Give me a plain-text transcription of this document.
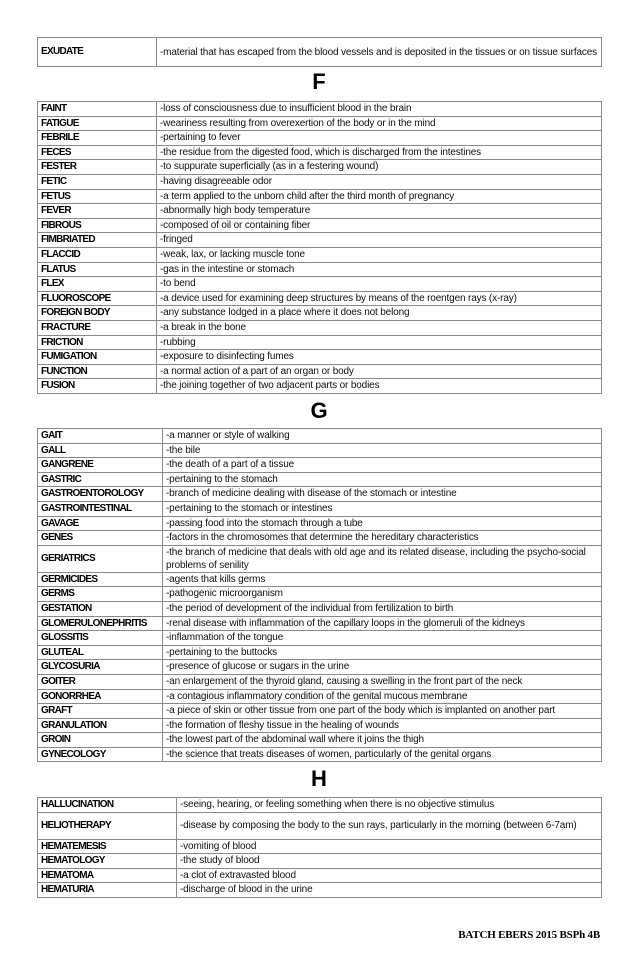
EXUDATE	-material that has escaped from the blood vessels and is deposited in the tissues or on tissue surfaces
F
FAINT	-loss of consciousness due to insufficient blood in the brain
FATIGUE	-weariness resulting from overexertion of the body or in the mind
FEBRILE	-pertaining to fever
FECES	-the residue from the digested food, which is discharged from the intestines
FESTER	-to suppurate superficially (as in a festering wound)
FETIC	-having disagreeable odor
FETUS	-a term applied to the unborn child after the third month of pregnancy
FEVER	-abnormally high body temperature
FIBROUS	-composed of oil or containing fiber
FIMBRIATED	-fringed
FLACCID	-weak, lax, or lacking muscle tone
FLATUS	-gas in the intestine or stomach
FLEX	-to bend
FLUOROSCOPE	-a device used for examining deep structures by means of the roentgen rays (x-ray)
FOREIGN BODY	-any substance lodged in a place where it does not belong
FRACTURE	-a break in the bone
FRICTION	-rubbing
FUMIGATION	-exposure to disinfecting fumes
FUNCTION	-a normal action of a part of an organ or body
FUSION	-the joining together of two adjacent parts or bodies
G
GAIT	-a manner or style of walking
GALL	-the bile
GANGRENE	-the death of a part of a tissue
GASTRIC	-pertaining to the stomach
GASTROENTOROLOGY	-branch of medicine dealing with disease of the stomach or intestine
GASTROINTESTINAL	-pertaining to the stomach or intestines
GAVAGE	-passing food into the stomach through a tube
GENES	-factors in the chromosomes that determine the hereditary characteristics
GERIATRICS	-the branch of medicine that deals with old age and its related disease, including the psycho-social problems of senility
GERMICIDES	-agents that kills germs
GERMS	-pathogenic microorganism
GESTATION	-the period of development of the individual from fertilization to birth
GLOMERULONEPHRITIS	-renal disease with inflammation of the capillary loops in the glomeruli of the kidneys
GLOSSITIS	-inflammation of the tongue
GLUTEAL	-pertaining to the buttocks
GLYCOSURIA	-presence of glucose or sugars in the urine
GOITER	-an enlargement of the thyroid gland, causing a swelling in the front part of the neck
GONORRHEA	-a contagious inflammatory condition of the genital mucous membrane
GRAFT	-a piece of skin or other tissue from one part of the body which is implanted on another part
GRANULATION	-the formation of fleshy tissue in the healing of wounds
GROIN	-the lowest part of the abdominal wall where it joins the thigh
GYNECOLOGY	-the science that treats diseases of women, particularly of the genital organs
H
HALLUCINATION	-seeing, hearing, or feeling something when there is no objective stimulus
HELIOTHERAPY	-disease by composing the body to the sun rays, particularly in the morning (between 6-7am)
HEMATEMESIS	-vomiting of blood
HEMATOLOGY	-the study of blood
HEMATOMA	-a clot of extravasted blood
HEMATURIA	-discharge of blood in the urine
BATCH EBERS 2015 BSPh 4B
